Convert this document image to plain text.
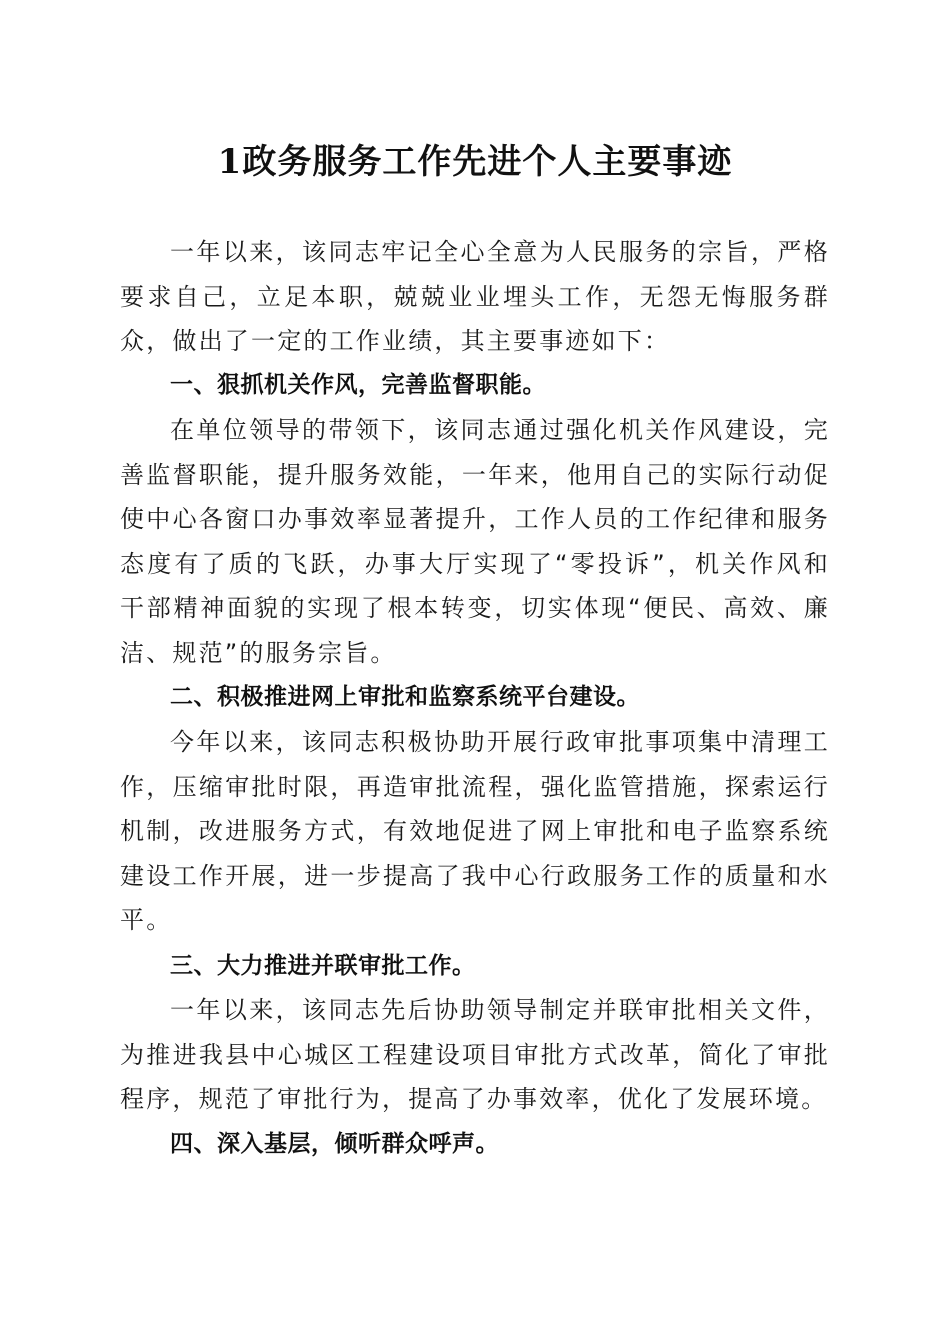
1政务服务工作先进个人主要事迹

一年以来，该同志牢记全心全意为人民服务的宗旨，严格要求自己，立足本职，兢兢业业埋头工作，无怨无悔服务群众，做出了一定的工作业绩，其主要事迹如下：

一、狠抓机关作风，完善监督职能。

在单位领导的带领下，该同志通过强化机关作风建设，完善监督职能，提升服务效能，一年来，他用自己的实际行动促使中心各窗口办事效率显著提升，工作人员的工作纪律和服务态度有了质的飞跃，办事大厅实现了“零投诉”，机关作风和干部精神面貌的实现了根本转变，切实体现“便民、高效、廉洁、规范”的服务宗旨。

二、积极推进网上审批和监察系统平台建设。

今年以来，该同志积极协助开展行政审批事项集中清理工作，压缩审批时限，再造审批流程，强化监管措施，探索运行机制，改进服务方式，有效地促进了网上审批和电子监察系统建设工作开展，进一步提高了我中心行政服务工作的质量和水平。

三、大力推进并联审批工作。

一年以来，该同志先后协助领导制定并联审批相关文件，为推进我县中心城区工程建设项目审批方式改革，简化了审批程序，规范了审批行为，提高了办事效率，优化了发展环境。

四、深入基层，倾听群众呼声。
